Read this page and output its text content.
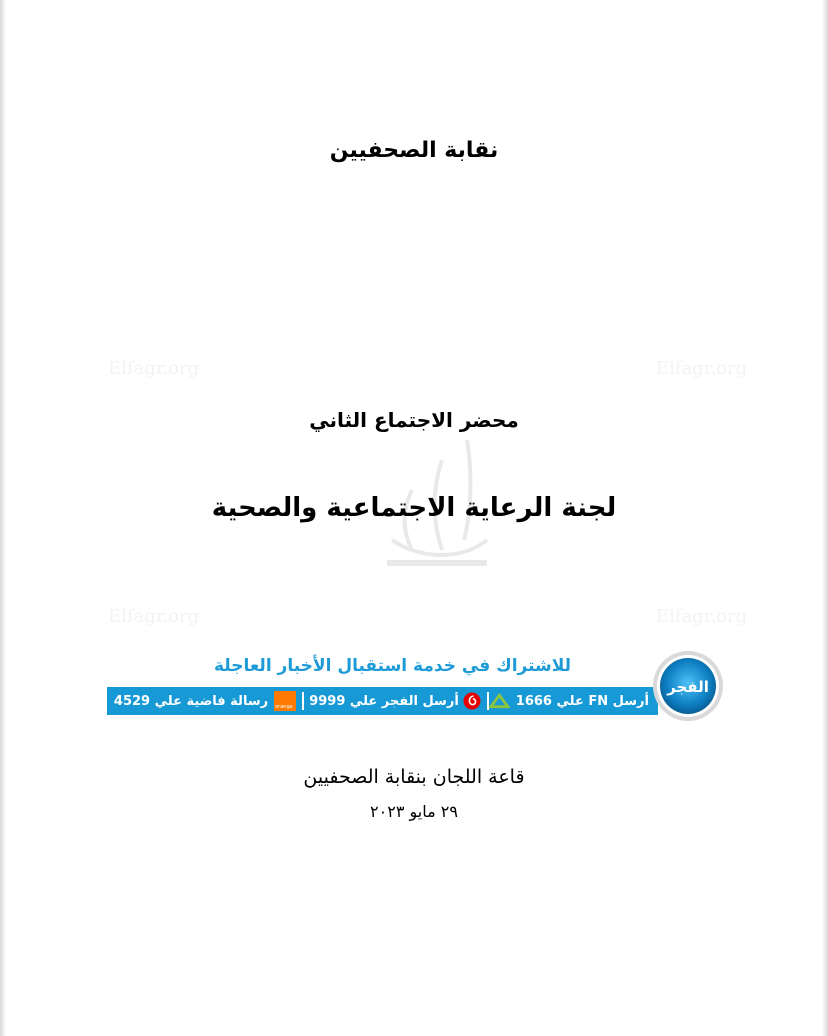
Elfagr.org	Elfagr.org
Elfagr.org	Elfagr.org
نقابة الصحفيين
محضر الاجتماع الثاني
لجنة الرعاية الاجتماعية والصحية
للاشتراك في خدمة استقبال الأخبار العاجلة
أرسل FN علي 1666
أرسل الفجر علي 9999
orange
رسالة فاضية علي 4529
الفجر
قاعة اللجان بنقابة الصحفيين
٢٩ مايو ٢٠٢٣
